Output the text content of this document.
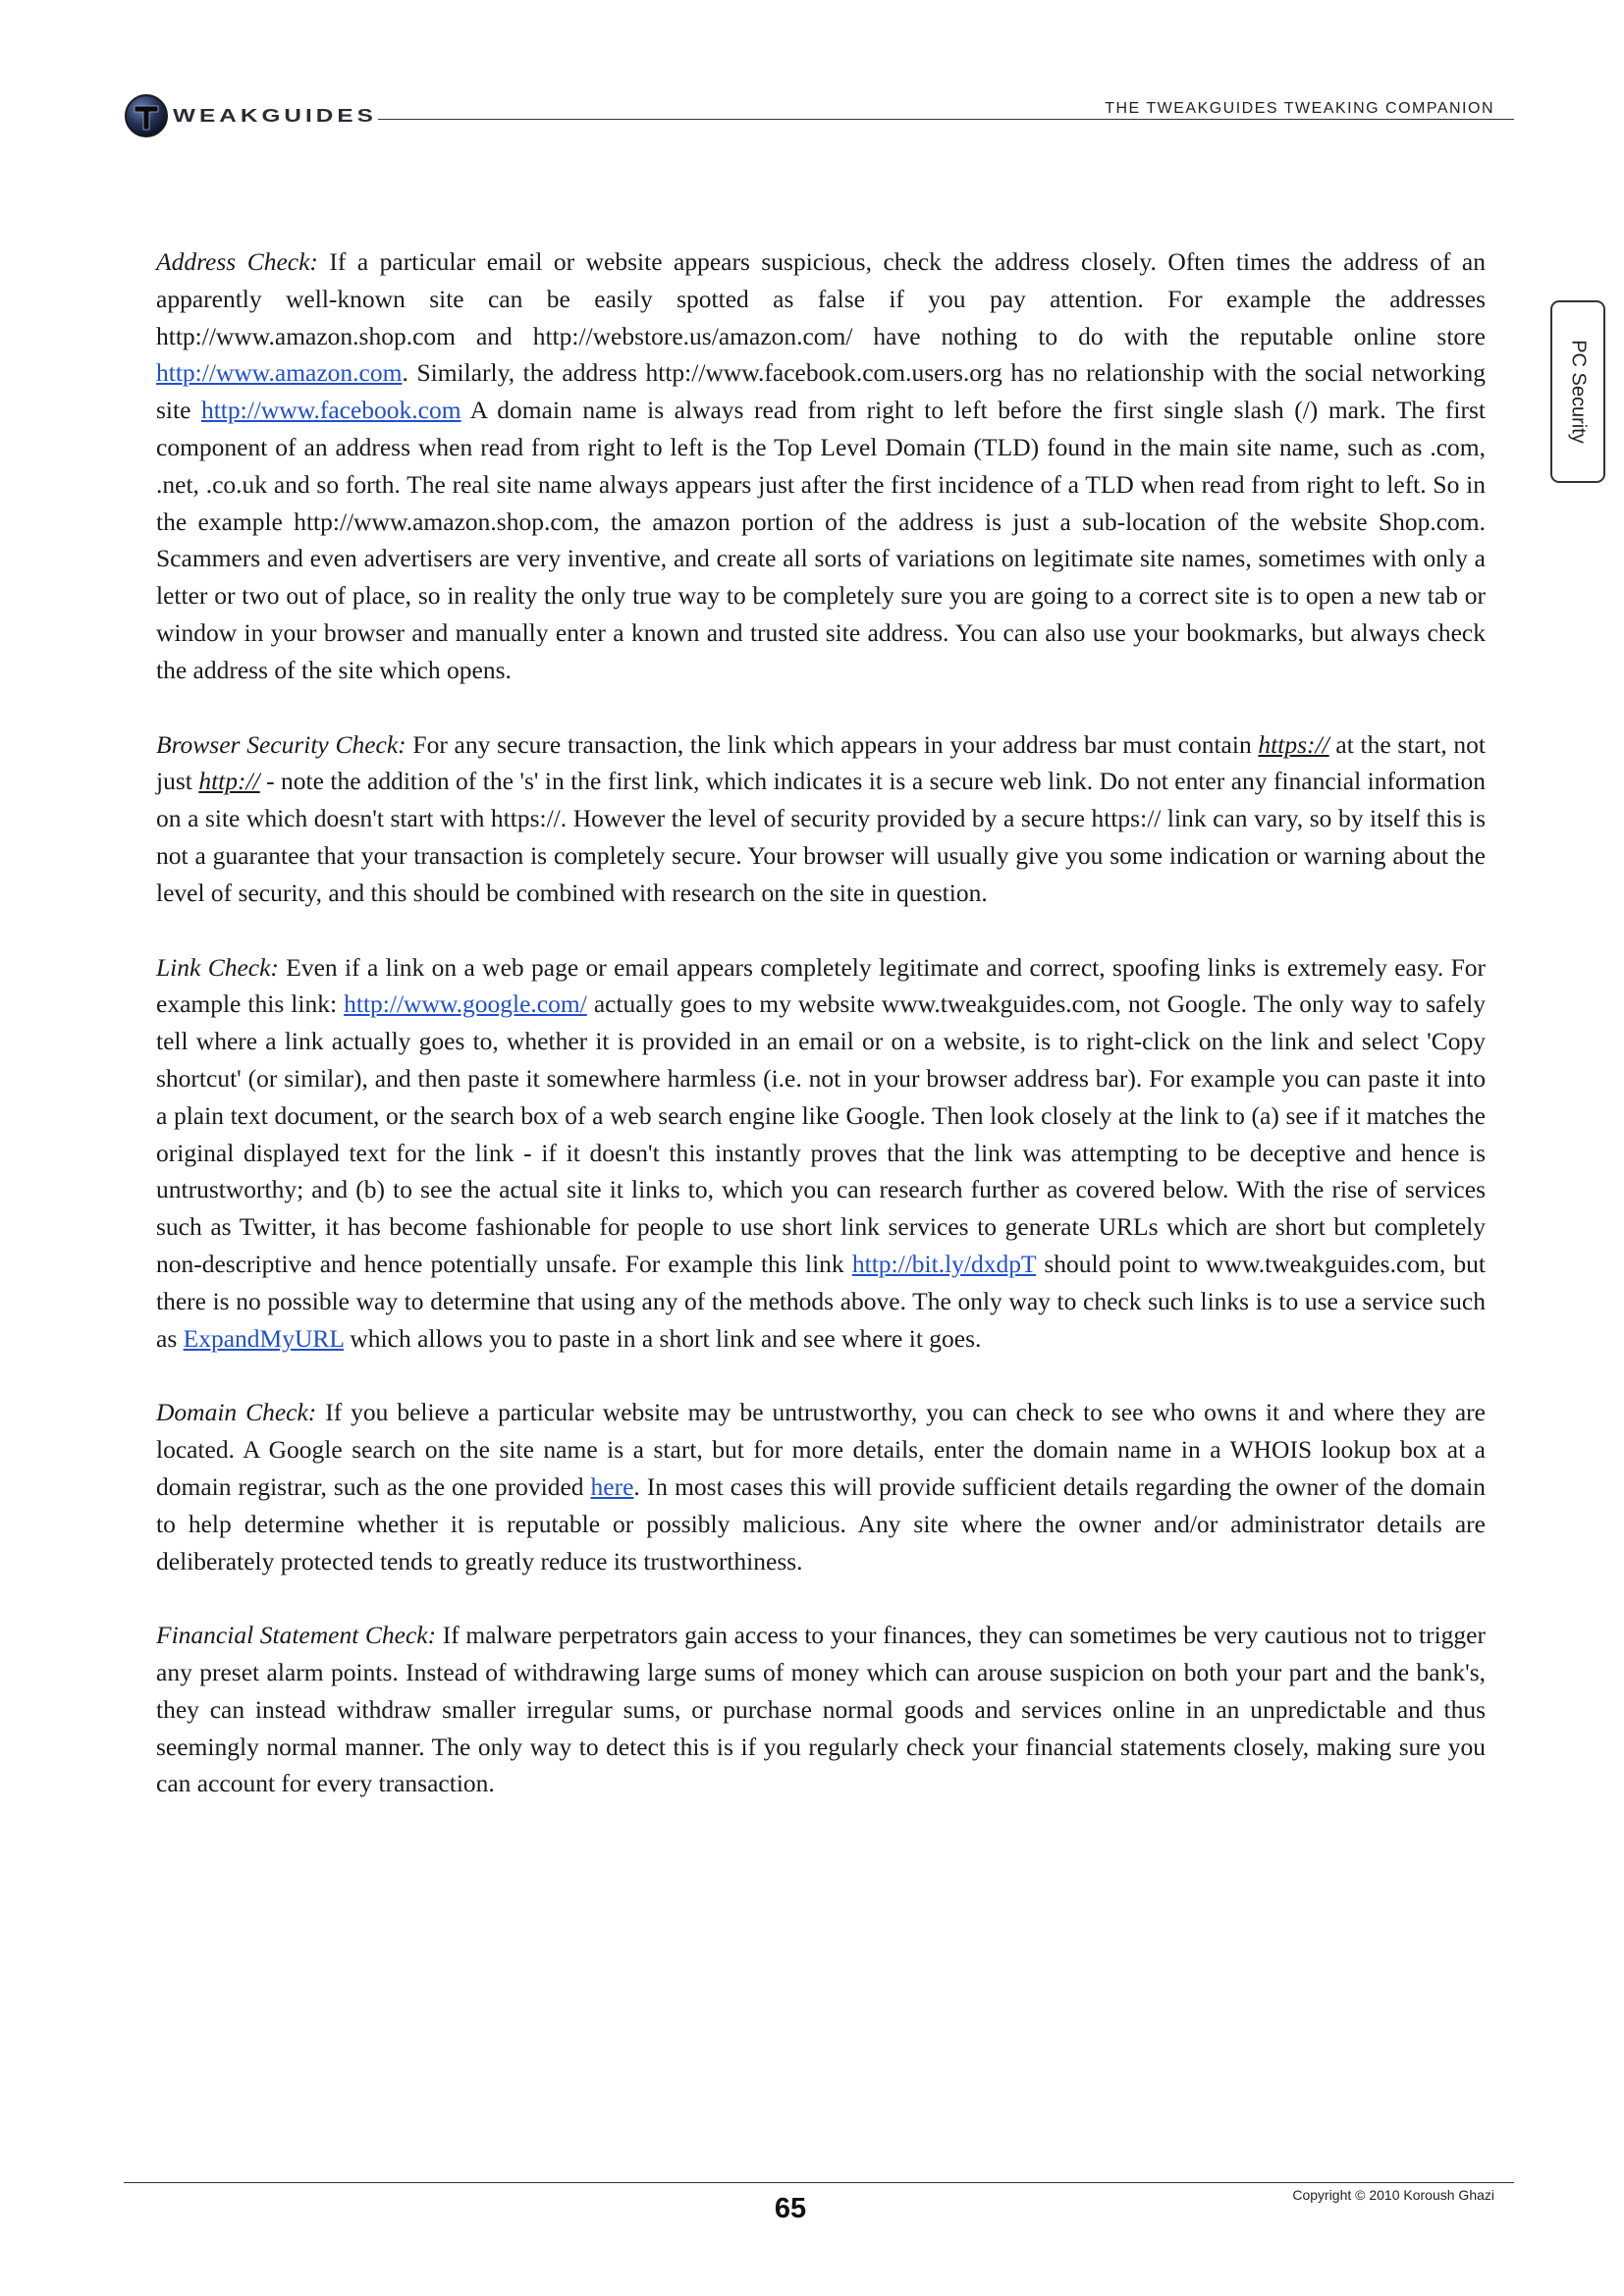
WEAKGUIDES	THE TWEAKGUIDES TWEAKING COMPANION
PC Security

Address Check: If a particular email or website appears suspicious, check the address closely. Often times the address of an apparently well-known site can be easily spotted as false if you pay attention. For example the addresses http://www.amazon.shop.com and http://webstore.us/amazon.com/ have nothing to do with the reputable online store http://www.amazon.com. Similarly, the address http://www.facebook.com.users.org has no relationship with the social networking site http://www.facebook.com A domain name is always read from right to left before the first single slash (/) mark. The first component of an address when read from right to left is the Top Level Domain (TLD) found in the main site name, such as .com, .net, .co.uk and so forth. The real site name always appears just after the first incidence of a TLD when read from right to left. So in the example http://www.amazon.shop.com, the amazon portion of the address is just a sub-location of the website Shop.com. Scammers and even advertisers are very inventive, and create all sorts of variations on legitimate site names, sometimes with only a letter or two out of place, so in reality the only true way to be completely sure you are going to a correct site is to open a new tab or window in your browser and manually enter a known and trusted site address. You can also use your bookmarks, but always check the address of the site which opens.

Browser Security Check: For any secure transaction, the link which appears in your address bar must contain https:// at the start, not just http:// - note the addition of the 's' in the first link, which indicates it is a secure web link. Do not enter any financial information on a site which doesn't start with https://. However the level of security provided by a secure https:// link can vary, so by itself this is not a guarantee that your transaction is completely secure. Your browser will usually give you some indication or warning about the level of security, and this should be combined with research on the site in question.

Link Check: Even if a link on a web page or email appears completely legitimate and correct, spoofing links is extremely easy. For example this link: http://www.google.com/ actually goes to my website www.tweakguides.com, not Google. The only way to safely tell where a link actually goes to, whether it is provided in an email or on a website, is to right-click on the link and select 'Copy shortcut' (or similar), and then paste it somewhere harmless (i.e. not in your browser address bar). For example you can paste it into a plain text document, or the search box of a web search engine like Google. Then look closely at the link to (a) see if it matches the original displayed text for the link - if it doesn't this instantly proves that the link was attempting to be deceptive and hence is untrustworthy; and (b) to see the actual site it links to, which you can research further as covered below. With the rise of services such as Twitter, it has become fashionable for people to use short link services to generate URLs which are short but completely non-descriptive and hence potentially unsafe. For example this link http://bit.ly/dxdpT should point to www.tweakguides.com, but there is no possible way to determine that using any of the methods above. The only way to check such links is to use a service such as ExpandMyURL which allows you to paste in a short link and see where it goes.

Domain Check: If you believe a particular website may be untrustworthy, you can check to see who owns it and where they are located. A Google search on the site name is a start, but for more details, enter the domain name in a WHOIS lookup box at a domain registrar, such as the one provided here. In most cases this will provide sufficient details regarding the owner of the domain to help determine whether it is reputable or possibly malicious. Any site where the owner and/or administrator details are deliberately protected tends to greatly reduce its trustworthiness.

Financial Statement Check: If malware perpetrators gain access to your finances, they can sometimes be very cautious not to trigger any preset alarm points. Instead of withdrawing large sums of money which can arouse suspicion on both your part and the bank's, they can instead withdraw smaller irregular sums, or purchase normal goods and services online in an unpredictable and thus seemingly normal manner. The only way to detect this is if you regularly check your financial statements closely, making sure you can account for every transaction.

Copyright © 2010 Koroush Ghazi
65
